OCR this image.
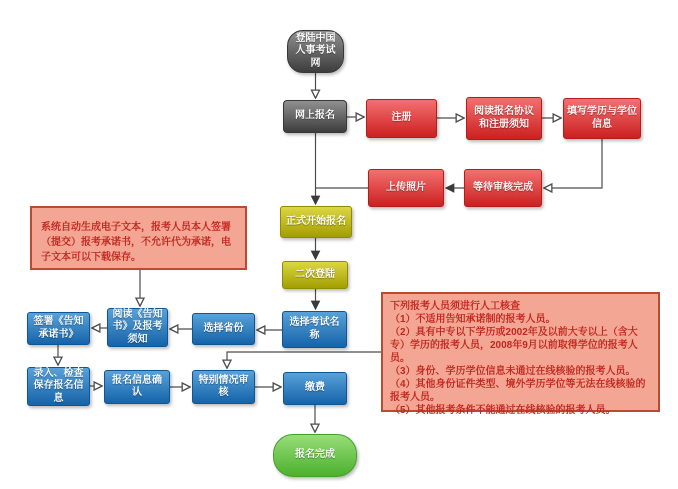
登陆中国人事考试网
网上报名	注册
阅读报名协议和注册须知
填写学历与学位信息
上传照片	等待审核完成
正式开始报名
二次登陆
选择考试名称
选择省份
阅读《告知书》及报考须知
签署《告知承诺书》
录入、检查保存报名信息
报名信息确认
特别情况审核	缴费
报名完成
系统自动生成电子文本，报考人员本人签署（提交）报考承诺书，不允许代为承诺，电子文本可以下载保存。
下列报考人员须进行人工核查
（1）不适用告知承诺制的报考人员。
（2）具有中专以下学历或2002年及以前大专以上（含大专）学历的报考人员，2008年9月以前取得学位的报考人员。
（3）身份、学历学位信息未通过在线核验的报考人员。
（4）其他身份证件类型、境外学历学位等无法在线核验的报考人员。
（5）其他报考条件不能通过在线核验的报考人员。
